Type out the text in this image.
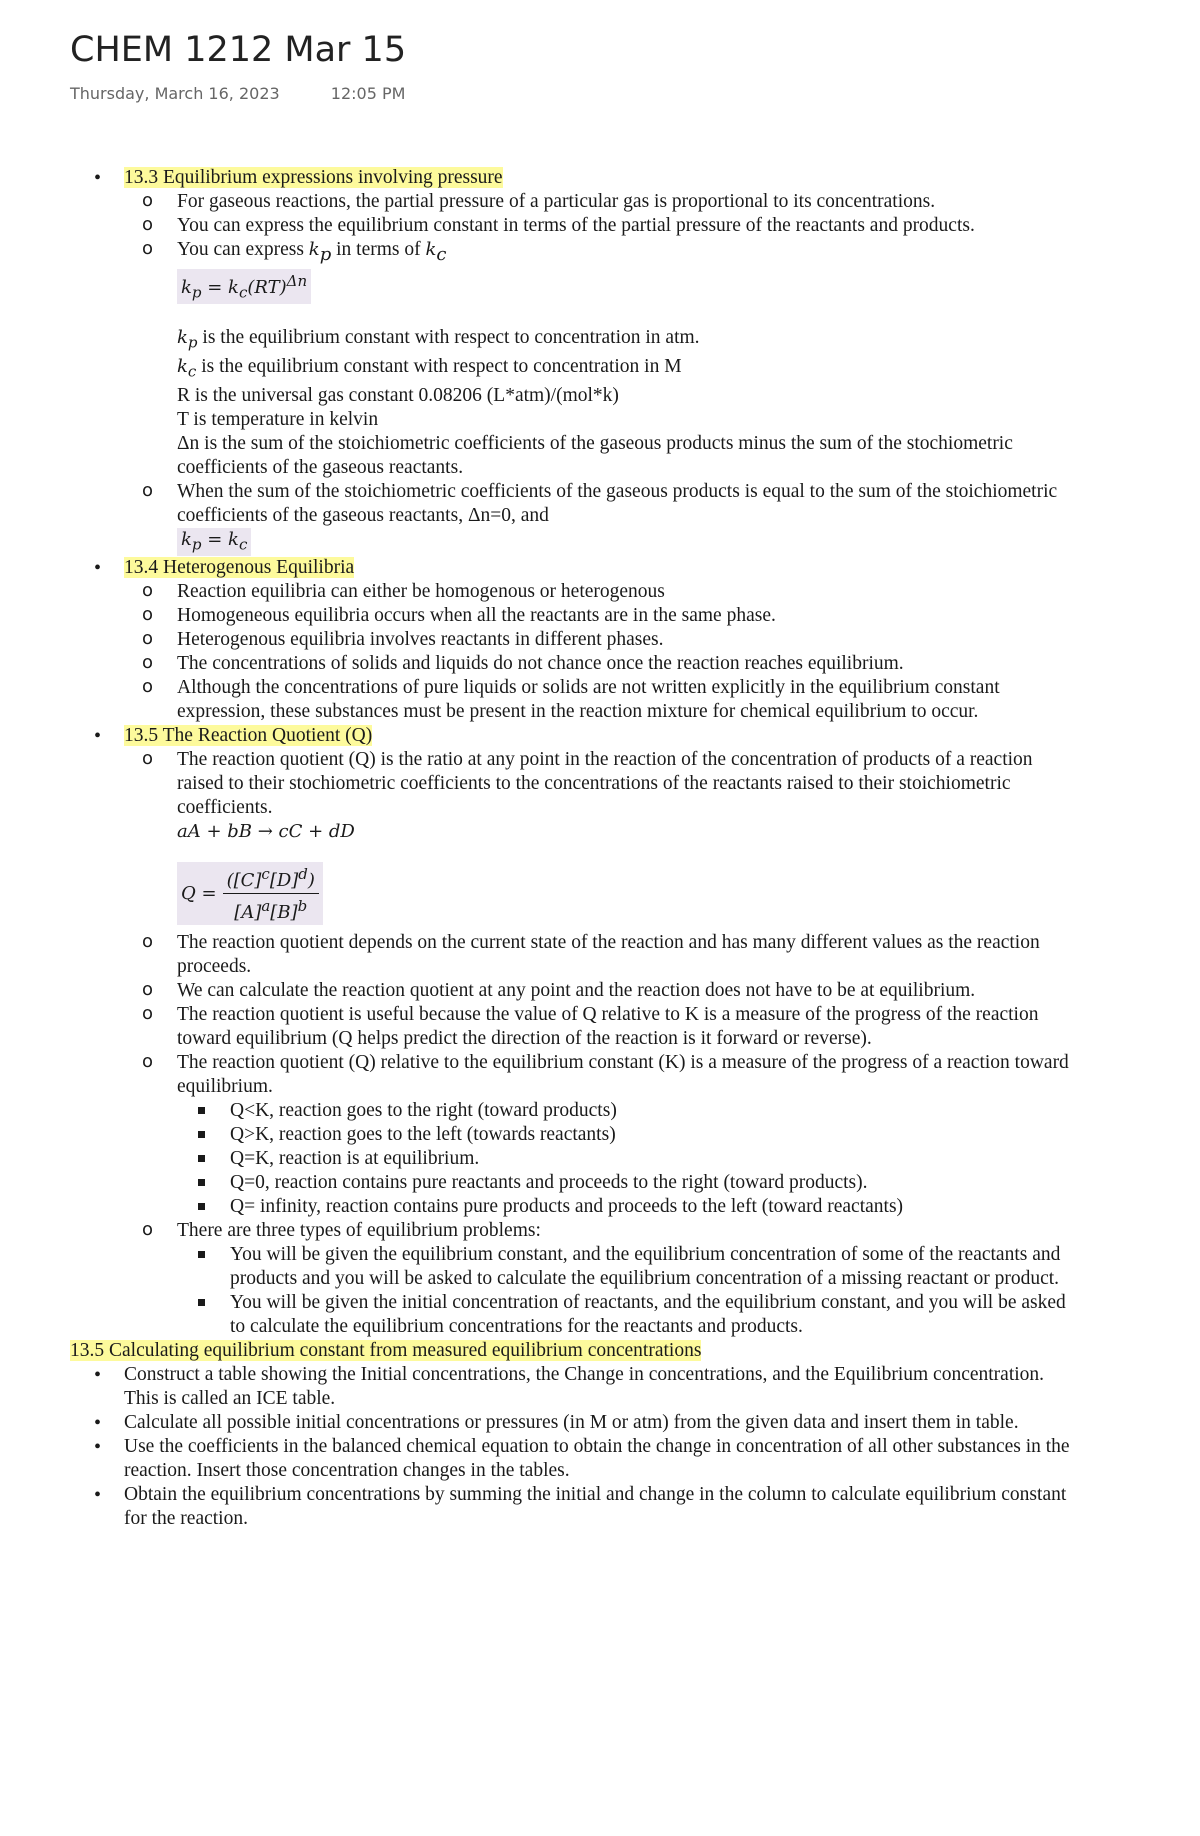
CHEM 1212 Mar 15
Thursday, March 16, 2023	12:05 PM
• 13.3 Equilibrium expressions involving pressure
o For gaseous reactions, the partial pressure of a particular gas is proportional to its concentrations.
o You can express the equilibrium constant in terms of the partial pressure of the reactants and products.
o You can express $k_p$ in terms of $k_c$
$k_p = k_c(RT)^{\Delta n}$
$k_p$ is the equilibrium constant with respect to concentration in atm.
$k_c$ is the equilibrium constant with respect to concentration in M
R is the universal gas constant 0.08206 (L*atm)/(mol*k)
T is temperature in kelvin
Δn is the sum of the stoichiometric coefficients of the gaseous products minus the sum of the stochiometric coefficients of the gaseous reactants.
o When the sum of the stoichiometric coefficients of the gaseous products is equal to the sum of the stoichiometric coefficients of the gaseous reactants, Δn=0, and
$k_p = k_c$
• 13.4 Heterogenous Equilibria
o Reaction equilibria can either be homogenous or heterogenous
o Homogeneous equilibria occurs when all the reactants are in the same phase.
o Heterogenous equilibria involves reactants in different phases.
o The concentrations of solids and liquids do not chance once the reaction reaches equilibrium.
o Although the concentrations of pure liquids or solids are not written explicitly in the equilibrium constant expression, these substances must be present in the reaction mixture for chemical equilibrium to occur.
• 13.5 The Reaction Quotient (Q)
o The reaction quotient (Q) is the ratio at any point in the reaction of the concentration of products of a reaction raised to their stochiometric coefficients to the concentrations of the reactants raised to their stoichiometric coefficients.
aA + bB → cC + dD
$Q = \frac{([C]^c[D]^d)}{[A]^a[B]^b}$
o The reaction quotient depends on the current state of the reaction and has many different values as the reaction proceeds.
o We can calculate the reaction quotient at any point and the reaction does not have to be at equilibrium.
o The reaction quotient is useful because the value of Q relative to K is a measure of the progress of the reaction toward equilibrium (Q helps predict the direction of the reaction is it forward or reverse).
o The reaction quotient (Q) relative to the equilibrium constant (K) is a measure of the progress of a reaction toward equilibrium.
Q<K, reaction goes to the right (toward products)
Q>K, reaction goes to the left (towards reactants)
Q=K, reaction is at equilibrium.
Q=0, reaction contains pure reactants and proceeds to the right (toward products).
Q= infinity, reaction contains pure products and proceeds to the left (toward reactants)
o There are three types of equilibrium problems:
You will be given the equilibrium constant, and the equilibrium concentration of some of the reactants and products and you will be asked to calculate the equilibrium concentration of a missing reactant or product.
You will be given the initial concentration of reactants, and the equilibrium constant, and you will be asked to calculate the equilibrium concentrations for the reactants and products.
13.5 Calculating equilibrium constant from measured equilibrium concentrations
• Construct a table showing the Initial concentrations, the Change in concentrations, and the Equilibrium concentration. This is called an ICE table.
• Calculate all possible initial concentrations or pressures (in M or atm) from the given data and insert them in table.
• Use the coefficients in the balanced chemical equation to obtain the change in concentration of all other substances in the reaction. Insert those concentration changes in the tables.
• Obtain the equilibrium concentrations by summing the initial and change in the column to calculate equilibrium constant for the reaction.
